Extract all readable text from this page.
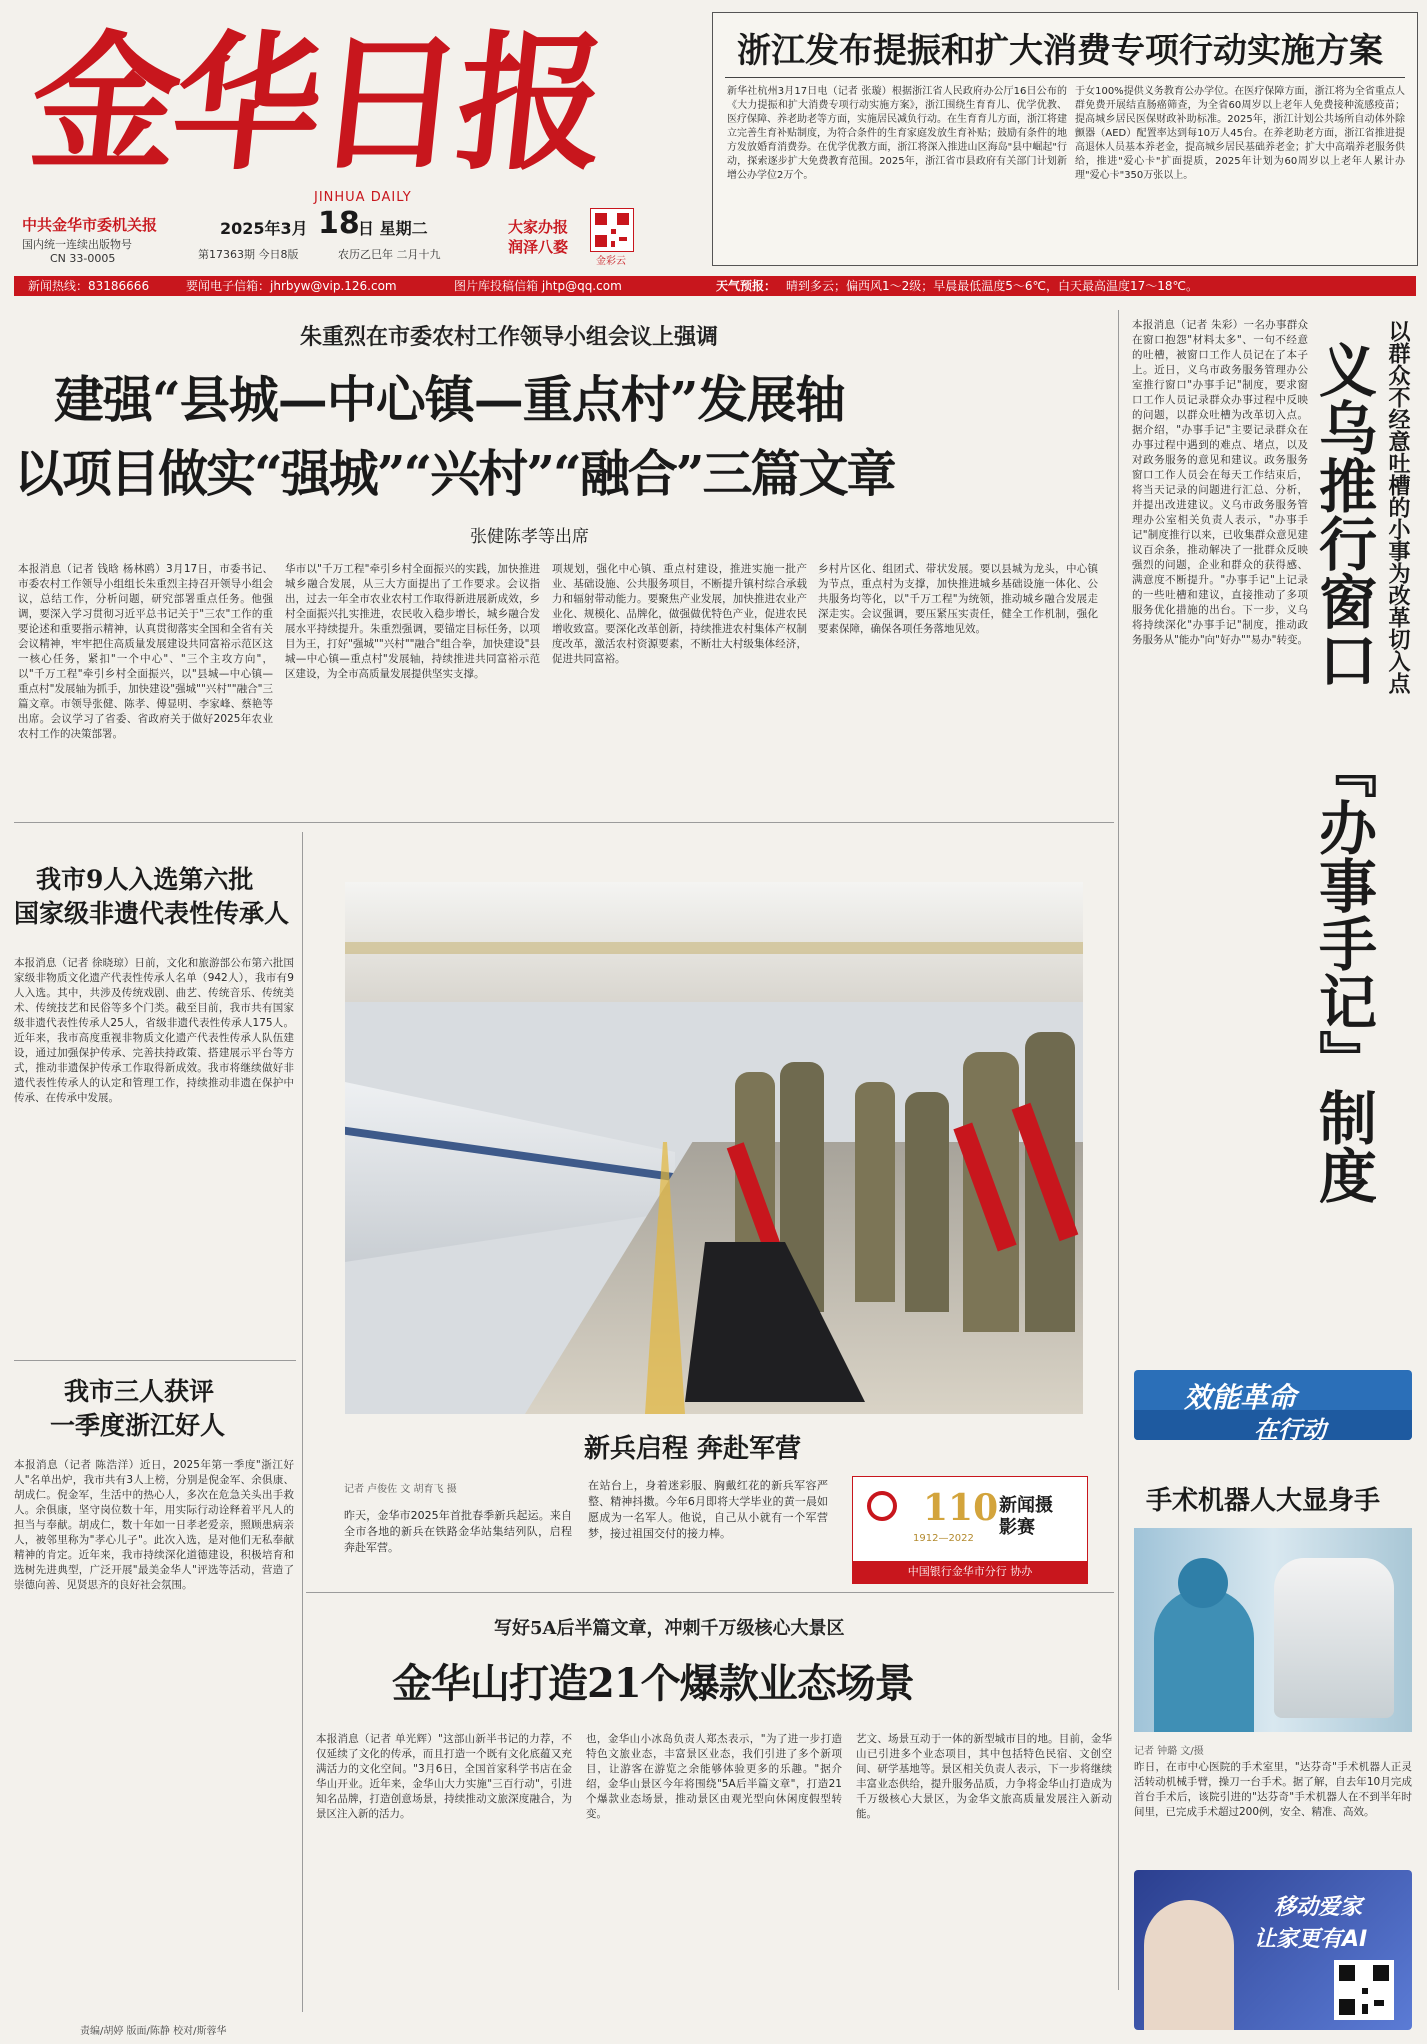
金华日报
JINHUA DAILY
中共金华市委机关报
国内统一连续出版物号
CN 33-0005
2025年3月 18
日 星期二
第17363期 今日8版	农历乙巳年 二月十九
大家办报
润泽八婺
金彩云
浙江发布提振和扩大消费专项行动实施方案
新华社杭州3月17日电（记者 张璇）根据浙江省人民政府办公厅16日公布的《大力提振和扩大消费专项行动实施方案》，浙江围绕生育育儿、优学优教、医疗保障、养老助老等方面，实施居民减负行动。在生育育儿方面，浙江将建立完善生育补贴制度，为符合条件的生育家庭发放生育补贴；鼓励有条件的地方发放婚育消费券。在优学优教方面，浙江将深入推进山区海岛"县中崛起"行动，探索逐步扩大免费教育范围。2025年，浙江省市县政府有关部门计划新增公办学位2万个。
于女100%提供义务教育公办学位。在医疗保障方面，浙江将为全省重点人群免费开展结直肠癌筛查，为全省60周岁以上老年人免费接种流感疫苗；提高城乡居民医保财政补助标准。2025年，浙江计划公共场所自动体外除颤器（AED）配置率达到每10万人45台。在养老助老方面，浙江省推进提高退休人员基本养老金，提高城乡居民基础养老金；扩大中高端养老服务供给，推进"爱心卡"扩面提质，2025年计划为60周岁以上老年人累计办理"爱心卡"350万张以上。
新闻热线：83186666	要闻电子信箱：jhrbyw@vip.126.com	图片库投稿信箱 jhtp@qq.com	天气预报： 晴到多云；偏西风1～2级；早晨最低温度5～6℃，白天最高温度17～18℃。
朱重烈在市委农村工作领导小组会议上强调
建强“县城—中心镇—重点村”发展轴
以项目做实“强城”“兴村”“融合”三篇文章
张健陈孝等出席
本报消息（记者 钱晗 杨林鸥）3月17日，市委书记、市委农村工作领导小组组长朱重烈主持召开领导小组会议，总结工作，分析问题，研究部署重点任务。他强调，要深入学习贯彻习近平总书记关于"三农"工作的重要论述和重要指示精神，认真贯彻落实全国和全省有关会议精神，牢牢把住高质量发展建设共同富裕示范区这一核心任务，紧扣"一个中心"、"三个主攻方向"，以"千万工程"牵引乡村全面振兴，以"县城—中心镇—重点村"发展轴为抓手，加快建设"强城""兴村""融合"三篇文章。市领导张健、陈孝、傅显明、李家峰、蔡艳等出席。会议学习了省委、省政府关于做好2025年农业农村工作的决策部署。
华市以"千万工程"牵引乡村全面振兴的实践，加快推进城乡融合发展，从三大方面提出了工作要求。会议指出，过去一年全市农业农村工作取得新进展新成效，乡村全面振兴扎实推进，农民收入稳步增长，城乡融合发展水平持续提升。朱重烈强调，要锚定目标任务，以项目为王，打好"强城""兴村""融合"组合拳，加快建设"县城—中心镇—重点村"发展轴，持续推进共同富裕示范区建设，为全市高质量发展提供坚实支撑。
项规划，强化中心镇、重点村建设，推进实施一批产业、基础设施、公共服务项目，不断提升镇村综合承载力和辐射带动能力。要聚焦产业发展，加快推进农业产业化、规模化、品牌化，做强做优特色产业，促进农民增收致富。要深化改革创新，持续推进农村集体产权制度改革，激活农村资源要素，不断壮大村级集体经济，促进共同富裕。
乡村片区化、组团式、带状发展。要以县城为龙头，中心镇为节点，重点村为支撑，加快推进城乡基础设施一体化、公共服务均等化，以"千万工程"为统领，推动城乡融合发展走深走实。会议强调，要压紧压实责任，健全工作机制，强化要素保障，确保各项任务落地见效。	以群众不经意吐槽的小事为改革切入点
义乌推行窗口
『办事手记』制度
本报消息（记者 朱彩）一名办事群众在窗口抱怨"材料太多"、一句不经意的吐槽，被窗口工作人员记在了本子上。近日，义乌市政务服务管理办公室推行窗口"办事手记"制度，要求窗口工作人员记录群众办事过程中反映的问题，以群众吐槽为改革切入点。据介绍，"办事手记"主要记录群众在办事过程中遇到的难点、堵点，以及对政务服务的意见和建议。政务服务窗口工作人员会在每天工作结束后，将当天记录的问题进行汇总、分析，并提出改进建议。义乌市政务服务管理办公室相关负责人表示，"办事手记"制度推行以来，已收集群众意见建议百余条，推动解决了一批群众反映强烈的问题，企业和群众的获得感、满意度不断提升。"办事手记"上记录的一些吐槽和建议，直接推动了多项服务优化措施的出台。下一步，义乌将持续深化"办事手记"制度，推动政务服务从"能办"向"好办""易办"转变。
效能革命
在行动
手术机器人大显身手
记者 钟璐 文/摄
昨日，在市中心医院的手术室里，"达芬奇"手术机器人正灵活转动机械手臂，操刀一台手术。据了解，自去年10月完成首台手术后，该院引进的"达芬奇"手术机器人在不到半年时间里，已完成手术超过200例，安全、精准、高效。
移动爱家
让家更有AI
我市9人入选第六批
国家级非遗代表性传承人
本报消息（记者 徐晓琼）日前，文化和旅游部公布第六批国家级非物质文化遗产代表性传承人名单（942人），我市有9人入选。其中，共涉及传统戏剧、曲艺、传统音乐、传统美术、传统技艺和民俗等多个门类。截至目前，我市共有国家级非遗代表性传承人25人，省级非遗代表性传承人175人。近年来，我市高度重视非物质文化遗产代表性传承人队伍建设，通过加强保护传承、完善扶持政策、搭建展示平台等方式，推动非遗保护传承工作取得新成效。我市将继续做好非遗代表性传承人的认定和管理工作，持续推动非遗在保护中传承、在传承中发展。
我市三人获评
一季度浙江好人
本报消息（记者 陈浩洋）近日，2025年第一季度"浙江好人"名单出炉，我市共有3人上榜，分别是倪金军、余俱康、胡成仁。倪金军，生活中的热心人，多次在危急关头出手救人。余俱康，坚守岗位数十年，用实际行动诠释着平凡人的担当与奉献。胡成仁，数十年如一日孝老爱亲，照顾患病亲人，被邻里称为"孝心儿子"。此次入选，是对他们无私奉献精神的肯定。近年来，我市持续深化道德建设，积极培育和选树先进典型，广泛开展"最美金华人"评选等活动，营造了崇德向善、见贤思齐的良好社会氛围。
新兵启程 奔赴军营
记者 卢俊佐 文 胡育飞 摄
昨天，金华市2025年首批春季新兵起运。来自全市各地的新兵在铁路金华站集结列队，启程奔赴军营。
在站台上，身着迷彩服、胸戴红花的新兵军容严整、精神抖擞。今年6月即将大学毕业的黄一晨如愿成为一名军人。他说，自己从小就有一个军营梦，接过祖国交付的接力棒。	1912—2022
110 新闻摄影赛
中国银行金华市分行 协办
写好5A后半篇文章，冲刺千万级核心大景区
金华山打造21个爆款业态场景
本报消息（记者 单光辉）"这部山新半书记的力荐，不仅延续了文化的传承，而且打造一个既有文化底蕴又充满活力的文化空间。"3月6日，全国首家科学书店在金华山开业。近年来，金华山大力实施"三百行动"，引进知名品牌，打造创意场景，持续推动文旅深度融合，为景区注入新的活力。
也，金华山小冰岛负责人郑杰表示，"为了进一步打造特色文旅业态，丰富景区业态，我们引进了多个新项目，让游客在游览之余能够体验更多的乐趣。"据介绍，金华山景区今年将围绕"5A后半篇文章"，打造21个爆款业态场景，推动景区由观光型向休闲度假型转变。
艺文、场景互动于一体的新型城市目的地。目前，金华山已引进多个业态项目，其中包括特色民宿、文创空间、研学基地等。景区相关负责人表示，下一步将继续丰富业态供给，提升服务品质，力争将金华山打造成为千万级核心大景区，为金华文旅高质量发展注入新动能。
责编/胡婷 版面/陈静 校对/斯蓉华
